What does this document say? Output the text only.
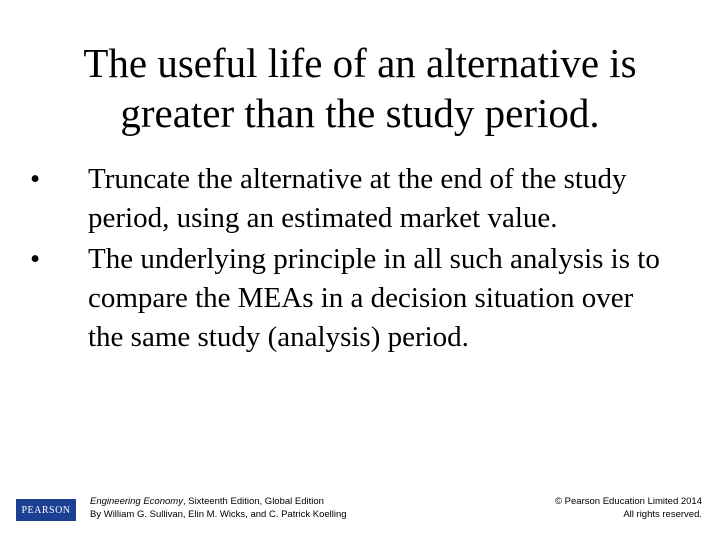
The useful life of an alternative is
greater than the study period.
•	Truncate the alternative at the end of the study period, using an estimated market value.
•	The underlying principle in all such analysis is to compare the MEAs in a decision situation over the same study (analysis) period.
PEARSON
Engineering Economy, Sixteenth Edition, Global Edition
By William G. Sullivan, Elin M. Wicks, and C. Patrick Koelling
© Pearson Education Limited 2014
All rights reserved.
